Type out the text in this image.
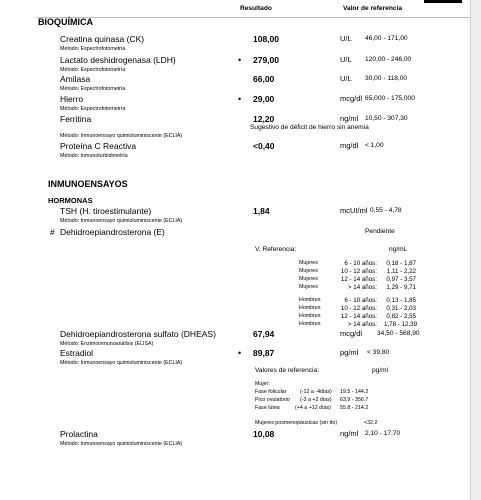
Resultado	Valor de referencia
BIOQUÍMICA
Creatina quinasa (CK)
Método: Espectrofotometría
108,00	U/L 46,00 - 171,00
Lactato deshidrogenasa (LDH)
Método: Espectrofotometría
• 279,00	U/L 120,00 - 246,00
Amilasa
Método: Espectrofotometría
66,00	U/L 30,00 - 118,00
Hierro
Método: Espectrofotometría
• 29,00	mcg/dl 65,000 - 175,000
Ferritina	12,20	ng/ml 10,50 - 307,30
Sugestivo de déficit de hierro sin anemia
Método: Inmunoensayo quimioluminiscente (ECLIA)
Proteína C Reactiva
Método: Inmunoturbidimetría
<0,40	mg/dl < 1,00
INMUNOENSAYOS
HORMONAS
TSH (H. tiroestimulante)
Método: Inmunoensayo quimioluminiscente (ECLIA)
1,84	mcUI/ml 0,55 - 4,78
# Dehidroepiandrosterona (E)	Pendiente
V. Referencia:	ng/mL
Mujeres	6 - 10 años:	0,18 - 1,87
Mujeres	10 - 12 años:	1,11 - 2,22
Mujeres	12 - 14 años:	0,97 - 3,57
Mujeres	> 14 años:	1,29 - 9,71
Hombres	6 - 10 años:	0,13 - 1,85
Hombres	10 - 12 años:	0,31 - 2,03
Hombres	12 - 14 años:	0,82 - 2,55
Hombres	> 14 años: 1,78 - 12,39
Dehidroepiandrosterona sulfato (DHEAS)
Método: Enzimoinmunoanálisis (ELISA)
67,94	mcg/dl 34,50 - 568,90
Estradiol
Método: Inmunoensayo quimioluminiscente (ECLIA)
• 89,87	pg/ml < 39,80
Valores de referencia:	pg/ml
Mujer:
Fase folicular	(-12 a -4días) 19.5 - 144.2
Pico ovulatorio (-3 a +2 días) 63.9 - 356.7
Fase lútea	(+4 a +12 días) 55.8 - 214.2
Mujeres posmenopáusicas (sin tto)	<32.2
Prolactina
Método: Inmunoensayo quimioluminiscente (ECLIA)
10,08	ng/ml 2,10 - 17,70
